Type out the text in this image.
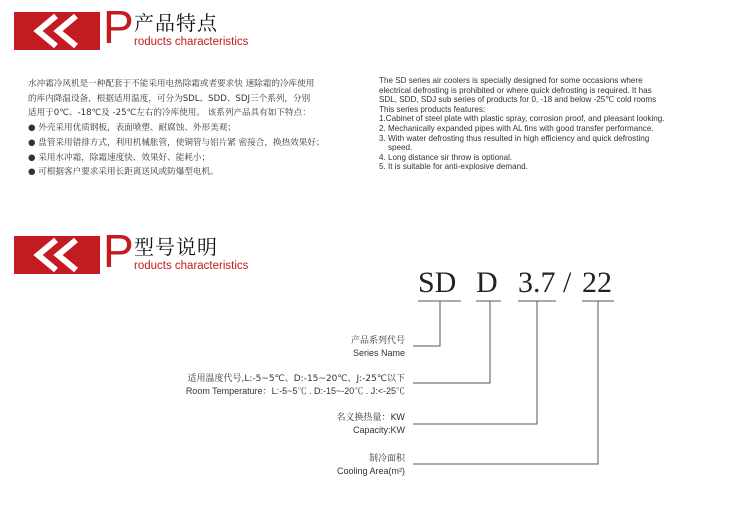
P 产品特点
roducts characteristics
水冲霜冷风机是一种配套于不能采用电热除霜或者要求快 速除霜的冷库使用
的库内降温设备，根据适用温度，可分为SDL、SDD、SDJ三个系列，分别
适用于0℃、-18℃及 -25℃左右的冷库使用。 该系列产品具有如下特点：
● 外壳采用优质钢板，表面喷塑、耐腐蚀、外形美观；
● 盘管采用错排方式，利用机械胀管，使铜管与铝片紧 密接合，换热效果好；
● 采用水冲霜，除霜速度快、效果好、能耗小；
● 可根据客户要求采用长距离送风或防爆型电机。
The SD series air coolers is specially designed for some occasions where
electrical defrosting is prohibited or where quick defrosting is required. It has
SDL, SDD, SDJ sub series of products for 0, -18 and below -25℃ cold rooms
This series products features:
1.Cabinet of steel plate with plastic spray, corrosion proof, and pleasant looking.
2. Mechanically expanded pipes with AL fins with good transfer performance.
3. With water defrosting thus resulted in high efficiency and quick defrosting
speed.
4. Long distance sir throw is optional.
5. It is suitable for anti-explosive demand.
P 型号说明
roducts characteristics	SD D 3.7 / 22
产品系列代号
Series Name
适用温度代号,L:-5~5℃、D:-15~20℃、J:-25℃以下
Room Temperature：L:-5~5℃ . D:-15~-20℃ . J:<-25℃
名义换热量：KW
Capacity:KW
制冷面积
Cooling Area(m²)
